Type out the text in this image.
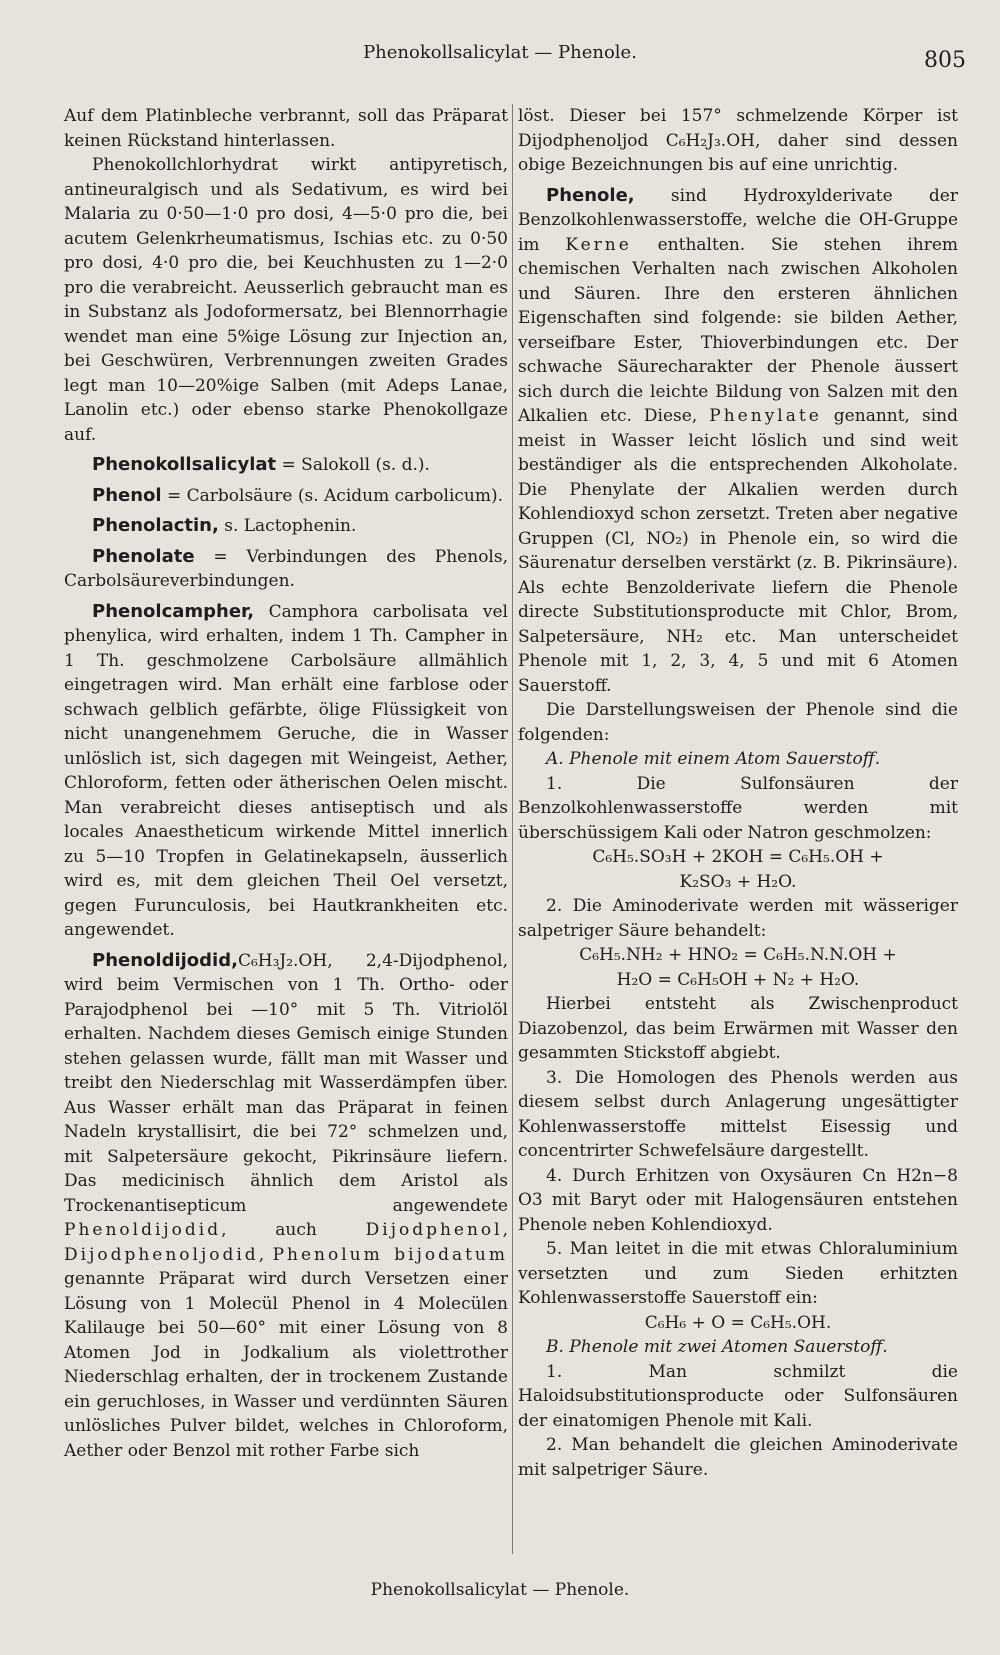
Phenokollsalicylat — Phenole.	805

Auf dem Platinbleche verbrannt, soll das Präparat keinen Rückstand hinterlassen.

Phenokollchlorhydrat wirkt antipyretisch, antineuralgisch und als Sedativum, es wird bei Malaria zu 0·50—1·0 pro dosi, 4—5·0 pro die, bei acutem Gelenkrheumatismus, Ischias etc. zu 0·50 pro dosi, 4·0 pro die, bei Keuchhusten zu 1—2·0 pro die verabreicht. Aeusserlich gebraucht man es in Substanz als Jodoformersatz, bei Blennorrhagie wendet man eine 5%ige Lösung zur Injection an, bei Geschwüren, Verbrennungen zweiten Grades legt man 10—20%ige Salben (mit Adeps Lanae, Lanolin etc.) oder ebenso starke Phenokollgaze auf.

Phenokollsalicylat = Salokoll (s. d.).

Phenol = Carbolsäure (s. Acidum carbolicum).

Phenolactin, s. Lactophenin.

Phenolate = Verbindungen des Phenols, Carbolsäureverbindungen.

Phenolcampher, Camphora carbolisata vel phenylica, wird erhalten, indem 1 Th. Campher in 1 Th. geschmolzene Carbolsäure allmählich eingetragen wird. Man erhält eine farblose oder schwach gelblich gefärbte, ölige Flüssigkeit von nicht unangenehmem Geruche, die in Wasser unlöslich ist, sich dagegen mit Weingeist, Aether, Chloroform, fetten oder ätherischen Oelen mischt. Man verabreicht dieses antiseptisch und als locales Anaestheticum wirkende Mittel innerlich zu 5—10 Tropfen in Gelatinekapseln, äusserlich wird es, mit dem gleichen Theil Oel versetzt, gegen Furunculosis, bei Hautkrankheiten etc. angewendet.

Phenoldijodid,C₆H₃J₂.OH, 2,4-Dijodphenol, wird beim Vermischen von 1 Th. Ortho- oder Parajodphenol bei —10° mit 5 Th. Vitriolöl erhalten. Nachdem dieses Gemisch einige Stunden stehen gelassen wurde, fällt man mit Wasser und treibt den Niederschlag mit Wasserdämpfen über. Aus Wasser erhält man das Präparat in feinen Nadeln krystallisirt, die bei 72° schmelzen und, mit Salpetersäure gekocht, Pikrinsäure liefern. Das medicinisch ähnlich dem Aristol als Trockenantisepticum angewendete Phenoldijodid, auch	Dijodphenol, Dijodphenoljodid, Phenolum bijodatum genannte Präparat wird durch Versetzen einer Lösung von 1 Molecül Phenol in 4 Molecülen Kalilauge bei 50—60° mit einer Lösung von 8 Atomen Jod in Jodkalium als violettrother Niederschlag erhalten, der in trockenem Zustande ein geruchloses, in Wasser und verdünnten Säuren unlösliches Pulver bildet, welches in Chloroform, Aether oder Benzol mit rother Farbe sich

löst. Dieser bei 157° schmelzende Körper ist Dijodphenoljod C₆H₂J₃.OH, daher sind dessen obige Bezeichnungen bis auf eine unrichtig.

Phenole, sind Hydroxylderivate der Benzolkohlenwasserstoffe, welche die OH-Gruppe im Kerne enthalten. Sie stehen ihrem chemischen Verhalten nach zwischen Alkoholen und Säuren. Ihre den ersteren ähnlichen Eigenschaften sind folgende: sie bilden Aether, verseifbare Ester, Thioverbindungen etc. Der schwache Säurecharakter der Phenole äussert sich durch die leichte Bildung von Salzen mit den Alkalien etc. Diese, Phenylate genannt, sind meist in Wasser leicht löslich und sind weit beständiger als die entsprechenden Alkoholate. Die Phenylate der Alkalien werden durch Kohlendioxyd schon zersetzt. Treten aber negative Gruppen (Cl, NO₂) in Phenole ein, so wird die Säurenatur derselben verstärkt (z. B. Pikrinsäure). Als echte Benzolderivate liefern die Phenole directe Substitutionsproducte mit Chlor, Brom, Salpetersäure, NH₂ etc. Man unterscheidet Phenole mit 1, 2, 3, 4, 5 und mit 6 Atomen Sauerstoff.

Die Darstellungsweisen der Phenole sind die folgenden:

A. Phenole mit einem Atom Sauerstoff.

1. Die Sulfonsäuren der Benzolkohlenwasserstoffe werden mit überschüssigem Kali oder Natron geschmolzen:

C₆H₅.SO₃H + 2KOH = C₆H₅.OH +

K₂SO₃ + H₂O.

2. Die Aminoderivate werden mit wässeriger salpetriger Säure behandelt:

C₆H₅.NH₂ + HNO₂ = C₆H₅.N.N.OH +

H₂O = C₆H₅OH + N₂ + H₂O.

Hierbei entsteht als Zwischenproduct Diazobenzol, das beim Erwärmen mit Wasser den gesammten Stickstoff abgiebt.

3. Die Homologen des Phenols werden aus diesem selbst durch Anlagerung ungesättigter Kohlenwasserstoffe mittelst Eisessig und concentrirter Schwefelsäure dargestellt.

4. Durch Erhitzen von Oxysäuren Cn H2n−8 O3 mit Baryt oder mit Halogensäuren entstehen Phenole neben Kohlendioxyd.

5. Man leitet in die mit etwas Chloraluminium versetzten und zum Sieden erhitzten Kohlenwasserstoffe Sauerstoff ein:

C₆H₆ + O = C₆H₅.OH.

B. Phenole mit zwei Atomen Sauerstoff.

1. Man schmilzt die Haloidsubstitutionsproducte oder Sulfonsäuren der einatomigen Phenole mit Kali.

2. Man behandelt die gleichen Aminoderivate mit salpetriger Säure.

Phenokollsalicylat — Phenole.
